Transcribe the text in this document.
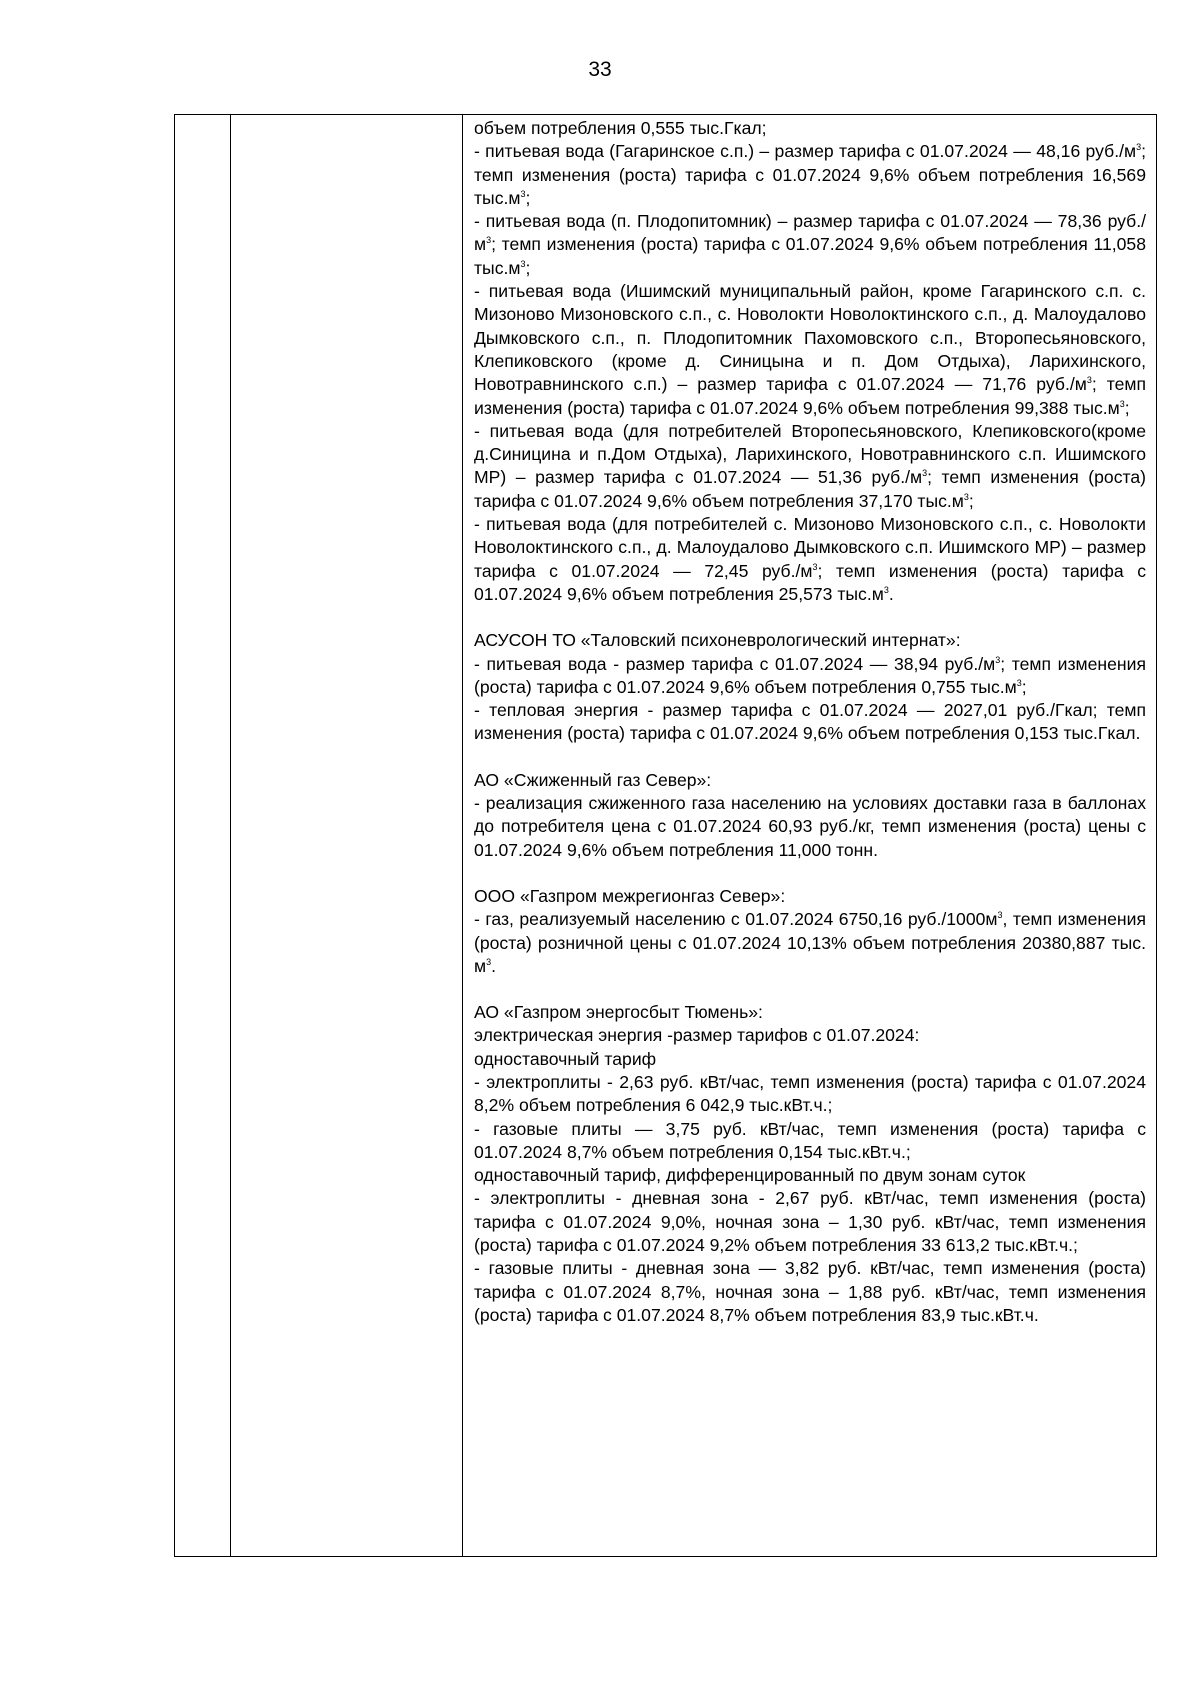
33

объем потребления 0,555 тыс.Гкал;

- питьевая вода (Гагаринское с.п.) – размер тарифа с 01.07.2024 — 48,16 $руб./м^3$; темп изменения (роста) тарифа с 01.07.2024 9,6% объем потребления 16,569 $тыс.м^3$;

- питьевая вода (п. Плодопитомник) – размер тарифа с 01.07.2024 — 78,36 $руб./м^3$; темп изменения (роста) тарифа с 01.07.2024 9,6% объем потребления 11,058 $тыс.м^3$;

- питьевая вода (Ишимский муниципальный район, кроме Гагаринского с.п. с. Мизоново Мизоновского с.п., с. Новолокти Новолоктинского с.п., д. Малоудалово Дымковского с.п., п. Плодопитомник Пахомовского с.п., Второпесьяновского, Клепиковского (кроме д. Синицына и п. Дом Отдыха), Ларихинского, Новотравнинского с.п.) – размер тарифа с 01.07.2024 — 71,76 $руб./м^3$; темп изменения (роста) тарифа с 01.07.2024 9,6% объем потребления 99,388 $тыс.м^3$;

- питьевая вода (для потребителей Второпесьяновского, Клепиковского(кроме д.Синицина и п.Дом Отдыха), Ларихинского, Новотравнинского с.п. Ишимского МР) – размер тарифа с 01.07.2024 — 51,36 $руб./м^3$; темп изменения (роста) тарифа с 01.07.2024 9,6% объем потребления 37,170 $тыс.м^3$;

- питьевая вода (для потребителей с. Мизоново Мизоновского с.п., с. Новолокти Новолоктинского с.п., д. Малоудалово Дымковского с.п. Ишимского МР) – размер тарифа с 01.07.2024 — 72,45 $руб./м^3$; темп изменения (роста) тарифа с 01.07.2024 9,6% объем потребления 25,573 $тыс.м^3$.

АСУСОН ТО «Таловский психоневрологический интернат»:

- питьевая вода - размер тарифа с 01.07.2024 — 38,94 $руб./м^3$; темп изменения (роста) тарифа с 01.07.2024 9,6% объем потребления 0,755 $тыс.м^3$;

- тепловая энергия - размер тарифа с 01.07.2024 — 2027,01 руб./Гкал; темп изменения (роста) тарифа с 01.07.2024 9,6% объем потребления 0,153 тыс.Гкал.

АО «Сжиженный газ Север»:

- реализация сжиженного газа населению на условиях доставки газа в баллонах до потребителя цена с 01.07.2024 60,93 руб./кг, темп изменения (роста) цены с 01.07.2024 9,6% объем потребления 11,000 тонн.

ООО «Газпром межрегионгаз Север»:

- газ, реализуемый населению с 01.07.2024 6750,16 $руб./1000м^3$, темп изменения (роста) розничной цены с 01.07.2024 10,13% объем потребления 20380,887 тыс. $м^3$.

АО «Газпром энергосбыт Тюмень»:

электрическая энергия -размер тарифов с 01.07.2024:

одноставочный тариф

- электроплиты - 2,63 руб. кВт/час, темп изменения (роста) тарифа с 01.07.2024 8,2% объем потребления 6 042,9 тыс.кВт.ч.;

- газовые плиты — 3,75 руб. кВт/час, темп изменения (роста) тарифа с 01.07.2024 8,7% объем потребления 0,154 тыс.кВт.ч.;

одноставочный тариф, дифференцированный по двум зонам суток

- электроплиты - дневная зона - 2,67 руб. кВт/час, темп изменения (роста) тарифа с 01.07.2024 9,0%, ночная зона – 1,30 руб. кВт/час, темп изменения (роста) тарифа с 01.07.2024 9,2% объем потребления 33 613,2 тыс.кВт.ч.;

- газовые плиты - дневная зона — 3,82 руб. кВт/час, темп изменения (роста) тарифа с 01.07.2024 8,7%, ночная зона – 1,88 руб. кВт/час, темп изменения (роста) тарифа с 01.07.2024 8,7% объем потребления 83,9 тыс.кВт.ч.
